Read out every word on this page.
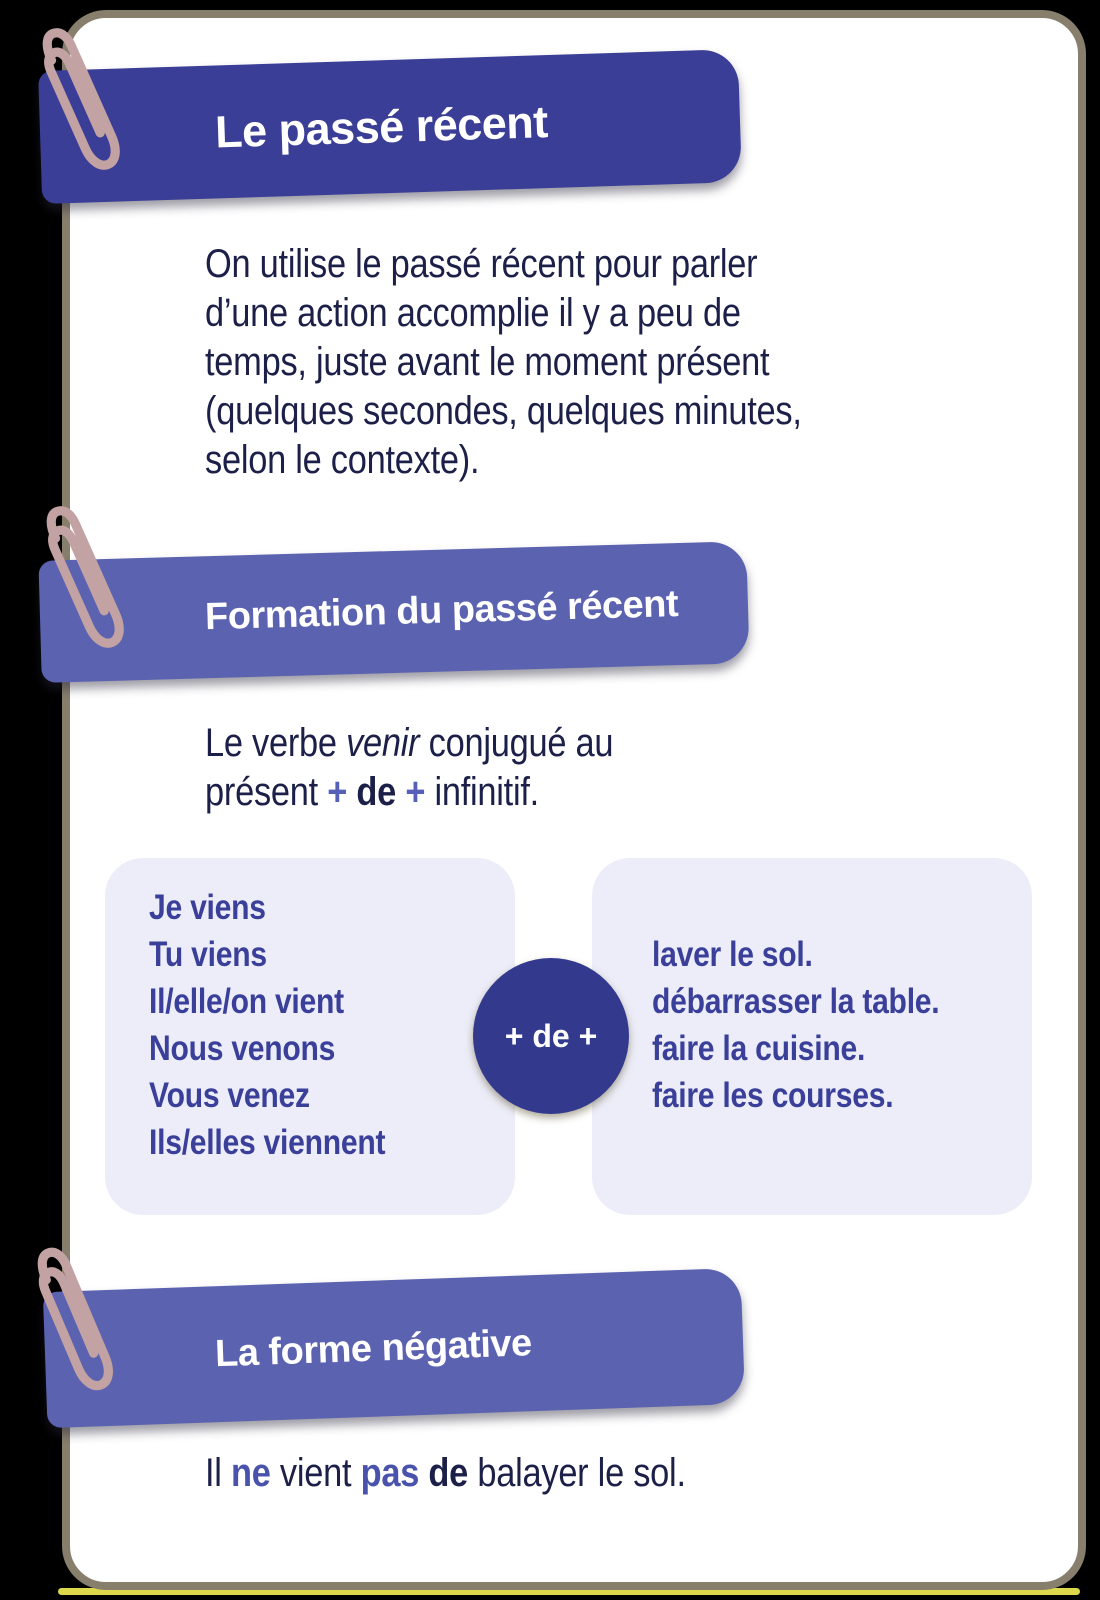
Le passé récent
On utilise le passé récent pour parler
d’une action accomplie il y a peu de
temps, juste avant le moment présent
(quelques secondes, quelques minutes,
selon le contexte).
Formation du passé récent
Le verbe venir conjugué au
présent + de + infinitif.
Je viens
Tu viens
Il/elle/on vient
Nous venons
Vous venez
Ils/elles viennent
laver le sol.
débarrasser la table.
faire la cuisine.
faire les courses.
+ de +
La forme négative
Il ne vient pas de balayer le sol.
